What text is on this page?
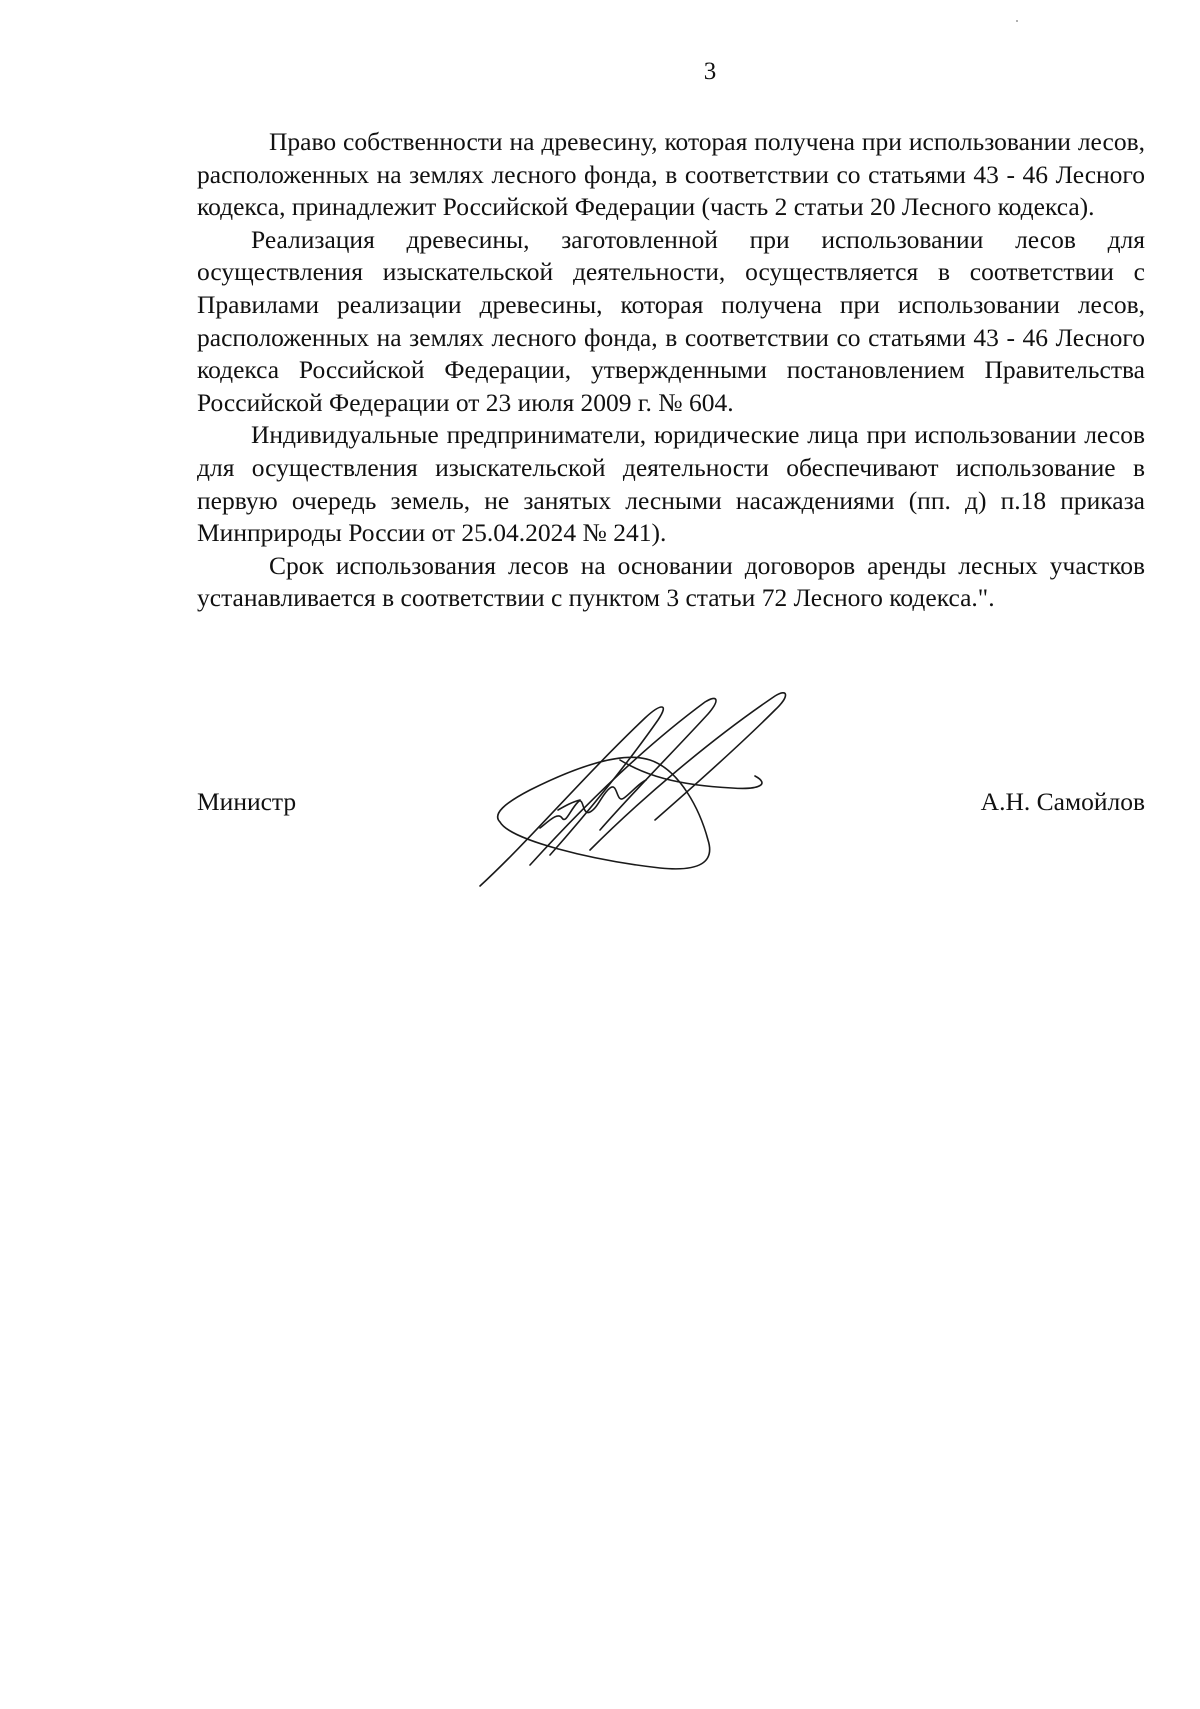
3

Право собственности на древесину, которая получена при использовании лесов, расположенных на землях лесного фонда, в соответствии со статьями 43 - 46 Лесного кодекса, принадлежит Российской Федерации (часть 2 статьи 20 Лесного кодекса).

Реализация древесины, заготовленной при использовании лесов для осуществления изыскательской деятельности, осуществляется в соответствии с Правилами реализации древесины, которая получена при использовании лесов, расположенных на землях лесного фонда, в соответствии со статьями 43 - 46 Лесного кодекса Российской Федерации, утвержденными постановлением Правительства Российской Федерации от 23 июля 2009 г. № 604.

Индивидуальные предприниматели, юридические лица при использовании лесов для осуществления изыскательской деятельности обеспечивают использование в первую очередь земель, не занятых лесными насаждениями (пп. д) п.18 приказа Минприроды России от 25.04.2024 № 241).

Срок использования лесов на основании договоров аренды лесных участков устанавливается в соответствии с пунктом 3 статьи 72 Лесного кодекса.".

Министр	А.Н. Самойлов
